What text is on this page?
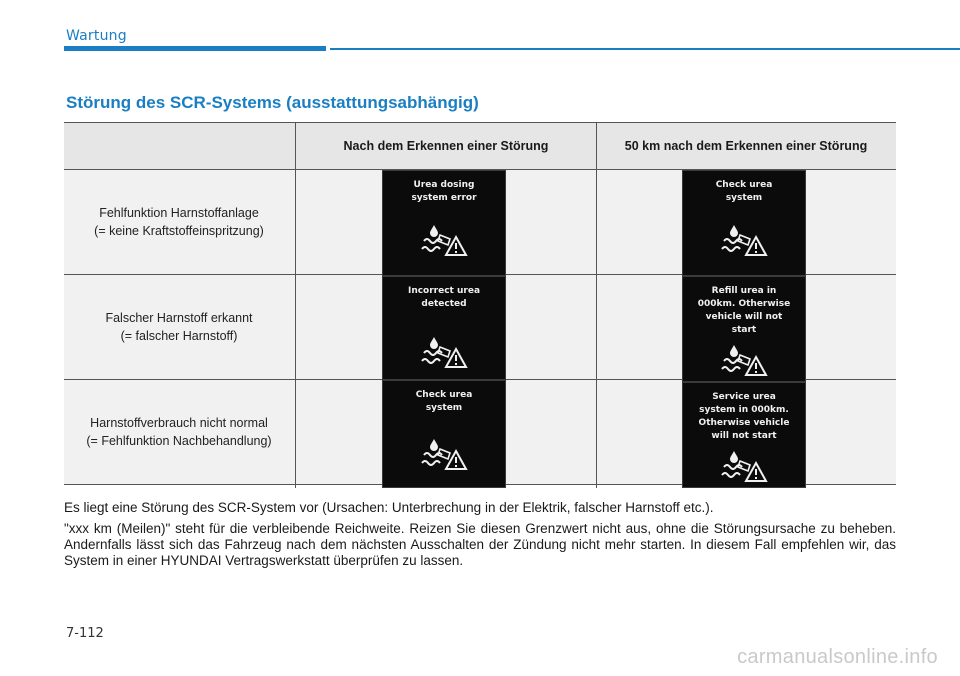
Wartung
Störung des SCR-Systems (ausstattungsabhängig)
Nach dem Erkennen einer Störung	50 km nach dem Erkennen einer Störung
Fehlfunktion Harnstoffanlage
(= keine Kraftstoffeinspritzung)
Falscher Harnstoff erkannt
(= falscher Harnstoff)
Harnstoffverbrauch nicht normal
(= Fehlfunktion Nachbehandlung)
Urea dosing
system error
Incorrect urea
detected
Check urea
system
Check urea
system
Refill urea in
000km. Otherwise
vehicle will not
start
Service urea
system in 000km.
Otherwise vehicle
will not start

Es liegt eine Störung des SCR-System vor (Ursachen: Unterbrechung in der Elektrik, falscher Harnstoff etc.).

"xxx km (Meilen)" steht für die verbleibende Reichweite. Reizen Sie diesen Grenzwert nicht aus, ohne die Störungsursache zu beheben. Andernfalls lässt sich das Fahrzeug nach dem nächsten Ausschalten der Zündung nicht mehr starten. In diesem Fall empfehlen wir, das System in einer HYUNDAI Vertragswerkstatt überprüfen zu lassen.

7-112
carmanualsonline.info
